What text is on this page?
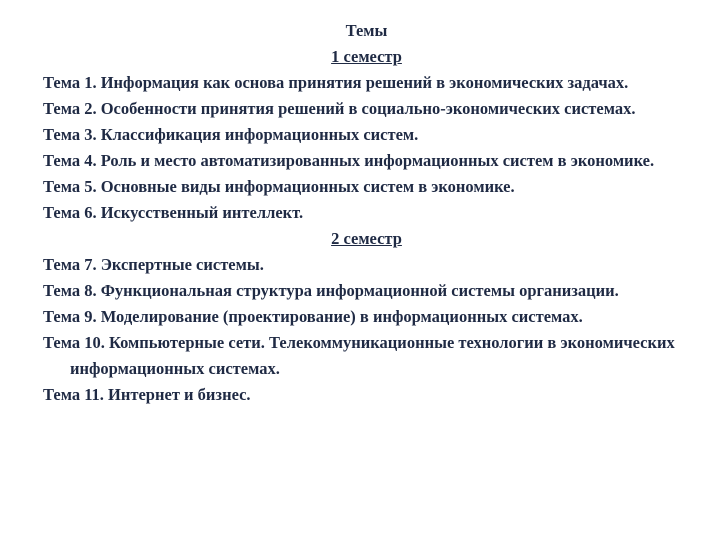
Темы

1 семестр

Тема 1. Информация как основа принятия решений в экономических задачах.

Тема 2. Особенности принятия решений в социально-экономических системах.

Тема 3. Классификация информационных систем.

Тема 4. Роль и место автоматизированных информационных систем в экономике.

Тема 5. Основные виды информационных систем в экономике.

Тема 6. Искусственный интеллект.

2 семестр

Тема 7. Экспертные системы.

Тема 8. Функциональная структура информационной системы организации.

Тема 9. Моделирование (проектирование) в информационных системах.

Тема 10. Компьютерные сети. Телекоммуникационные технологии в экономических информационных системах.

Тема 11. Интернет и бизнес.
